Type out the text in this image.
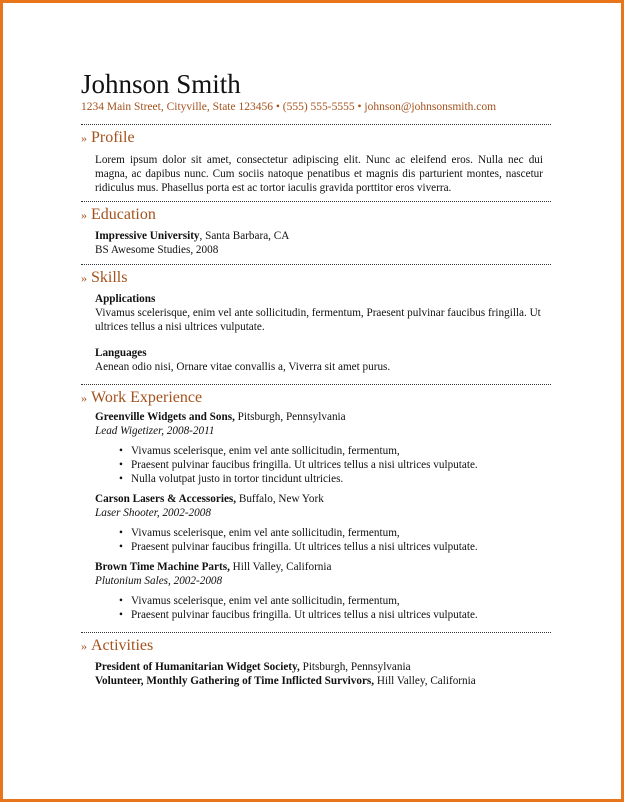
Johnson Smith
1234 Main Street, Cityville, State 123456 • (555) 555-5555 • johnson@johnsonsmith.com
» Profile
Lorem ipsum dolor sit amet, consectetur adipiscing elit. Nunc ac eleifend eros. Nulla nec dui magna, ac dapibus nunc. Cum sociis natoque penatibus et magnis dis parturient montes, nascetur ridiculus mus. Phasellus porta est ac tortor iaculis gravida porttitor eros viverra.
» Education
Impressive University, Santa Barbara, CA
BS Awesome Studies, 2008
» Skills
Applications
Vivamus scelerisque, enim vel ante sollicitudin, fermentum, Praesent pulvinar faucibus fringilla. Ut ultrices tellus a nisi ultrices vulputate.
Languages
Aenean odio nisi, Ornare vitae convallis a, Viverra sit amet purus.
» Work Experience
Greenville Widgets and Sons, Pitsburgh, Pennsylvania
Lead Wigetizer, 2008-2011
• Vivamus scelerisque, enim vel ante sollicitudin, fermentum,
• Praesent pulvinar faucibus fringilla. Ut ultrices tellus a nisi ultrices vulputate.
• Nulla volutpat justo in tortor tincidunt ultricies.
Carson Lasers & Accessories, Buffalo, New York
Laser Shooter, 2002-2008
• Vivamus scelerisque, enim vel ante sollicitudin, fermentum,
• Praesent pulvinar faucibus fringilla. Ut ultrices tellus a nisi ultrices vulputate.
Brown Time Machine Parts, Hill Valley, California
Plutonium Sales, 2002-2008
• Vivamus scelerisque, enim vel ante sollicitudin, fermentum,
• Praesent pulvinar faucibus fringilla. Ut ultrices tellus a nisi ultrices vulputate.
» Activities
President of Humanitarian Widget Society, Pitsburgh, Pennsylvania
Volunteer, Monthly Gathering of Time Inflicted Survivors, Hill Valley, California
